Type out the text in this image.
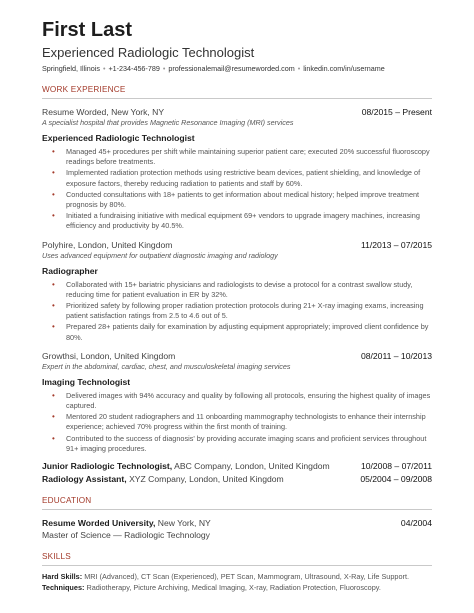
First Last
Experienced Radiologic Technologist
Springfield, Illinois • +1-234-456-789 • professionalemail@resumeworded.com • linkedin.com/in/username
WORK EXPERIENCE
Resume Worded, New York, NY	08/2015 – Present
A specialist hospital that provides Magnetic Resonance Imaging (MRI) services
Experienced Radiologic Technologist
• Managed 45+ procedures per shift while maintaining superior patient care; executed 20% successful fluoroscopy readings before treatments.
• Implemented radiation protection methods using restrictive beam devices, patient shielding, and knowledge of exposure factors, thereby reducing radiation to patients and staff by 60%.
• Conducted consultations with 18+ patients to get information about medical history; helped improve treatment prognosis by 80%.
• Initiated a fundraising initiative with medical equipment 69+ vendors to upgrade imagery machines, increasing efficiency and productivity by 40.5%.
Polyhire, London, United Kingdom	11/2013 – 07/2015
Uses advanced equipment for outpatient diagnostic imaging and radiology
Radiographer
• Collaborated with 15+ bariatric physicians and radiologists to devise a protocol for a contrast swallow study, reducing time for patient evaluation in ER by 32%.
• Prioritized safety by following proper radiation protection protocols during 21+ X-ray imaging exams, increasing patient satisfaction ratings from 2.5 to 4.6 out of 5.
• Prepared 28+ patients daily for examination by adjusting equipment appropriately; improved client confidence by 80%.
Growthsi, London, United Kingdom	08/2011 – 10/2013
Expert in the abdominal, cardiac, chest, and musculoskeletal imaging services
Imaging Technologist
• Delivered images with 94% accuracy and quality by following all protocols, ensuring the highest quality of images captured.
• Mentored 20 student radiographers and 11 onboarding mammography technologists to enhance their internship experience; achieved 70% progress within the first month of training.
• Contributed to the success of diagnosis' by providing accurate imaging scans and proficient services throughout 91+ imaging procedures.
Junior Radiologic Technologist, ABC Company, London, United Kingdom	10/2008 – 07/2011
Radiology Assistant, XYZ Company, London, United Kingdom	05/2004 – 09/2008
EDUCATION
Resume Worded University, New York, NY	04/2004
Master of Science — Radiologic Technology
SKILLS
Hard Skills: MRI (Advanced), CT Scan (Experienced), PET Scan, Mammogram, Ultrasound, X-Ray, Life Support.
Techniques: Radiotherapy, Picture Archiving, Medical Imaging, X-ray, Radiation Protection, Fluoroscopy.
